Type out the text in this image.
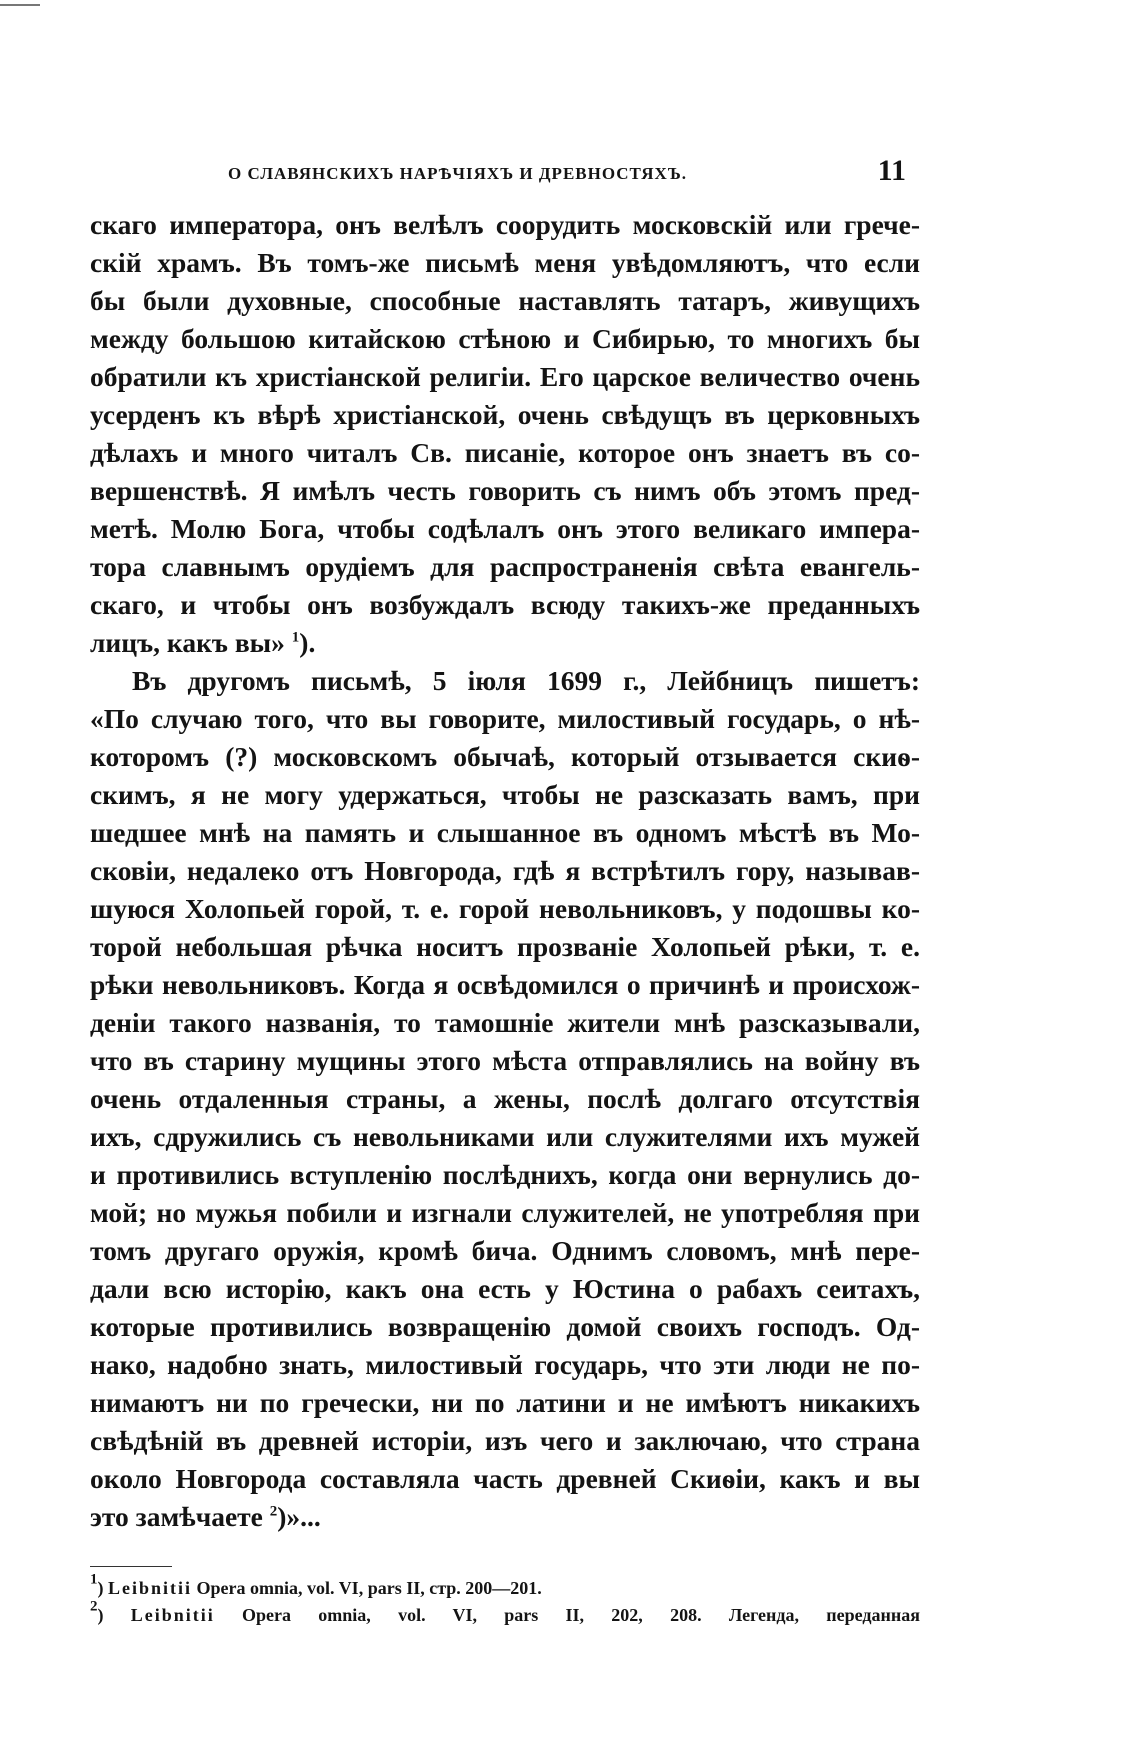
О СЛАВЯНСКИХЪ НАРѢЧІЯХЪ И ДРЕВНОСТЯХЪ.	11
скаго императора, онъ велѣлъ соорудить московскій или грече-
скій храмъ. Въ томъ-же письмѣ меня увѣдомляютъ, что если
бы были духовные, способные наставлять татаръ, живущихъ
между большою китайскою стѣною и Сибирью, то многихъ бы
обратили къ христіанской религіи. Его царское величество очень
усерденъ къ вѣрѣ христіанской, очень свѣдущъ въ церковныхъ
дѣлахъ и много читалъ Св. писаніе, которое онъ знаетъ въ со-
вершенствѣ. Я имѣлъ честь говорить съ нимъ объ этомъ пред-
метѣ. Молю Бога, чтобы содѣлалъ онъ этого великаго импера-
тора славнымъ орудіемъ для распространенія свѣта евангель-
скаго, и чтобы онъ возбуждалъ всюду такихъ-же преданныхъ
лицъ, какъ вы» $^1$).
Въ другомъ письмѣ, 5 іюля 1699 г., Лейбницъ пишетъ:
«По случаю того, что вы говорите, милостивый государь, о нѣ-
которомъ (?) московскомъ обычаѣ, который отзывается скиѳ-
скимъ, я не могу удержаться, чтобы не разсказать вамъ, при
шедшее мнѣ на память и слышанное въ одномъ мѣстѣ въ Мо-
сковіи, недалеко отъ Новгорода, гдѣ я встрѣтилъ гору, называв-
шуюся Холопьей горой, т. е. горой невольниковъ, у подошвы ко-
торой небольшая рѣчка носитъ прозваніе Холопьей рѣки, т. е.
рѣки невольниковъ. Когда я освѣдомился о причинѣ и происхож-
деніи такого названія, то тамошніе жители мнѣ разсказывали,
что въ старину мущины этого мѣста отправлялись на войну въ
очень отдаленныя страны, а жены, послѣ долгаго отсутствія
ихъ, сдружились съ невольниками или служителями ихъ мужей
и противились вступленію послѣднихъ, когда они вернулись до-
мой; но мужья побили и изгнали служителей, не употребляя при
томъ другаго оружія, кромѣ бича. Однимъ словомъ, мнѣ пере-
дали всю исторію, какъ она есть у Юстина о рабахъ сеитахъ,
которые противились возвращенію домой своихъ господъ. Од-
нако, надобно знать, милостивый государь, что эти люди не по-
нимаютъ ни по гречески, ни по латини и не имѣютъ никакихъ
свѣдѣній въ древней исторіи, изъ чего и заключаю, что страна
около Новгорода составляла часть древней Скиѳіи, какъ и вы
это замѣчаете $^2$)»...
$^1$) Leibnitii Opera omnia, vol. VI, pars II, стр. 200—201.
$^2$) Leibnitii Opera omnia, vol. VI, pars II, 202, 208. Легенда, переданная
